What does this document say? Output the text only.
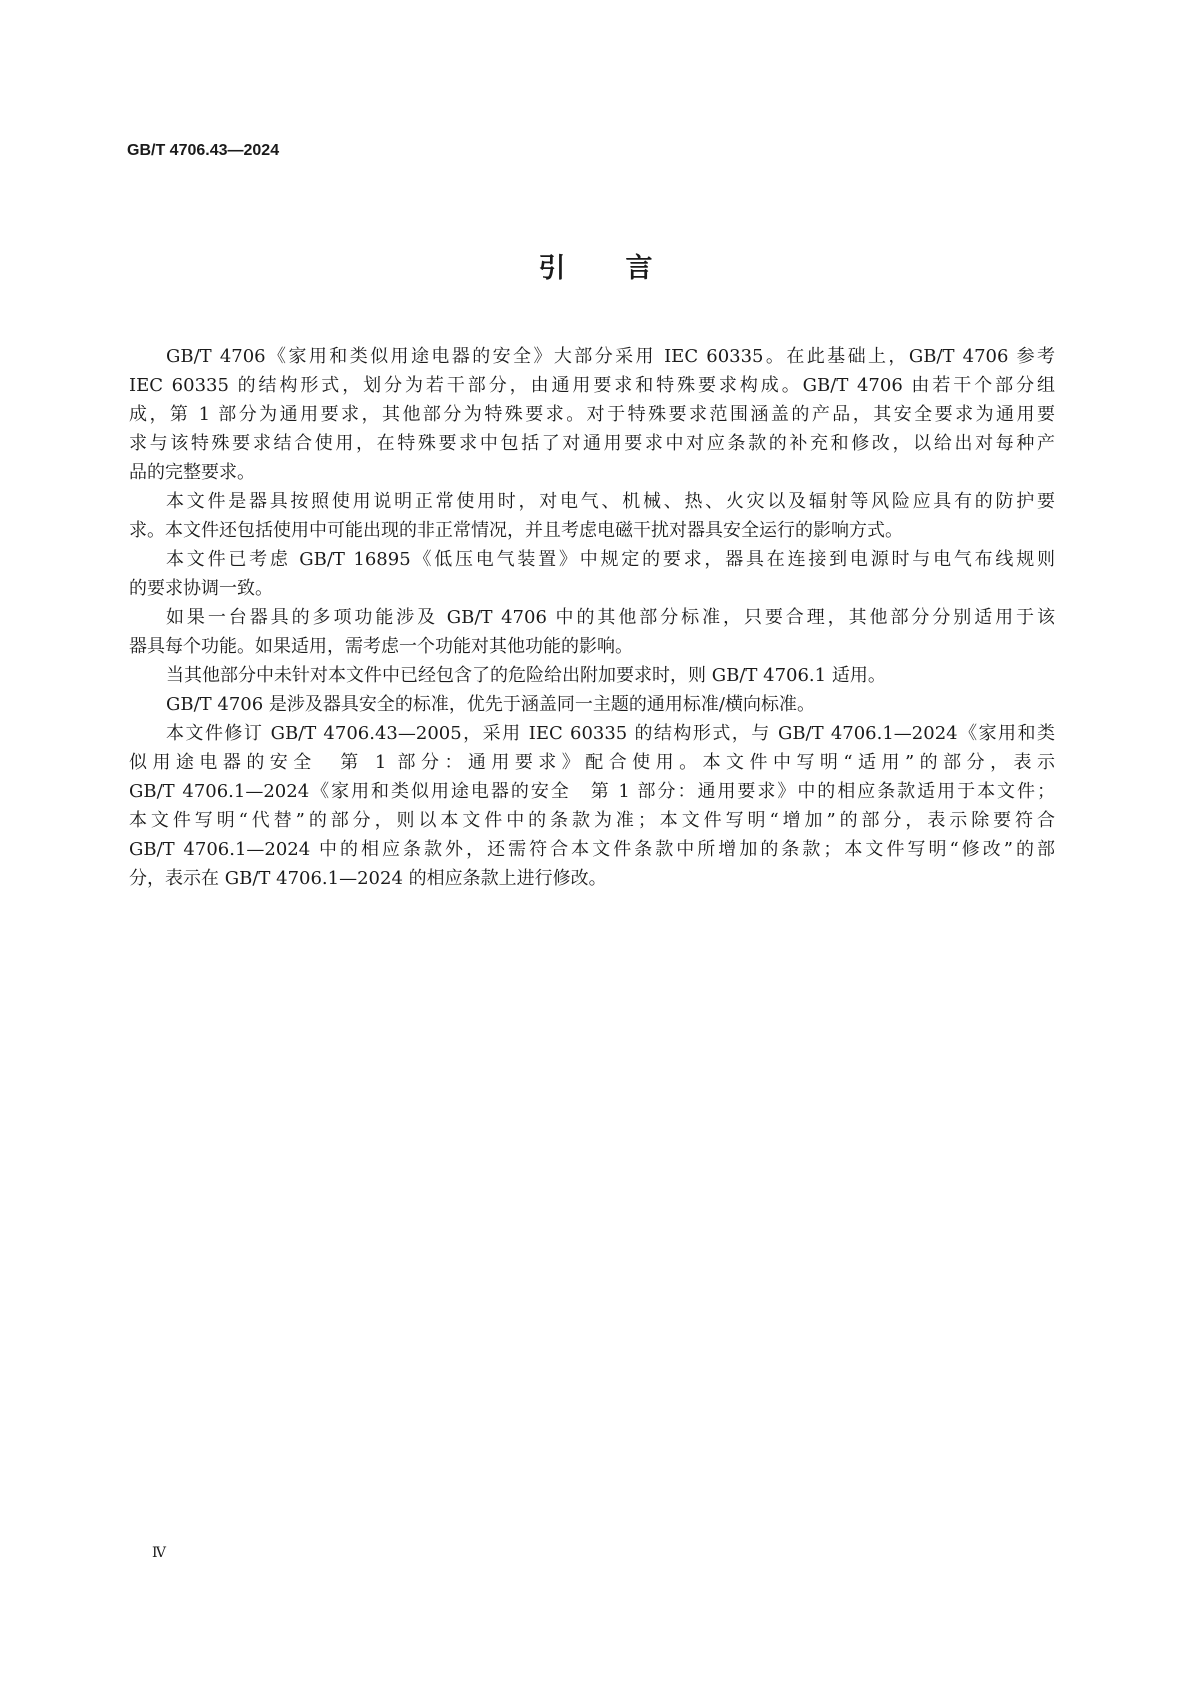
GB/T 4706.43—2024
引言
GB/T 4706《家用和类似用途电器的安全》大部分采用 IEC 60335。在此基础上，GB/T 4706 参考
IEC 60335 的结构形式，划分为若干部分，由通用要求和特殊要求构成。GB/T 4706 由若干个部分组
成，第 1 部分为通用要求，其他部分为特殊要求。对于特殊要求范围涵盖的产品，其安全要求为通用要
求与该特殊要求结合使用，在特殊要求中包括了对通用要求中对应条款的补充和修改，以给出对每种产
品的完整要求。
本文件是器具按照使用说明正常使用时，对电气、机械、热、火灾以及辐射等风险应具有的防护要
求。本文件还包括使用中可能出现的非正常情况，并且考虑电磁干扰对器具安全运行的影响方式。
本文件已考虑 GB/T 16895《低压电气装置》中规定的要求，器具在连接到电源时与电气布线规则
的要求协调一致。
如果一台器具的多项功能涉及 GB/T 4706 中的其他部分标准，只要合理，其他部分分别适用于该
器具每个功能。如果适用，需考虑一个功能对其他功能的影响。
当其他部分中未针对本文件中已经包含了的危险给出附加要求时，则 GB/T 4706.1 适用。
GB/T 4706 是涉及器具安全的标准，优先于涵盖同一主题的通用标准/横向标准。
本文件修订 GB/T 4706.43—2005，采用 IEC 60335 的结构形式，与 GB/T 4706.1—2024《家用和类
似用途电器的安全　第 1 部分：通用要求》配合使用。本文件中写明“适用”的部分，表示
GB/T 4706.1—2024《家用和类似用途电器的安全　第 1 部分：通用要求》中的相应条款适用于本文件；
本文件写明“代替”的部分，则以本文件中的条款为准；本文件写明“增加”的部分，表示除要符合
GB/T 4706.1—2024 中的相应条款外，还需符合本文件条款中所增加的条款；本文件写明“修改”的部
分，表示在 GB/T 4706.1—2024 的相应条款上进行修改。
Ⅳ
